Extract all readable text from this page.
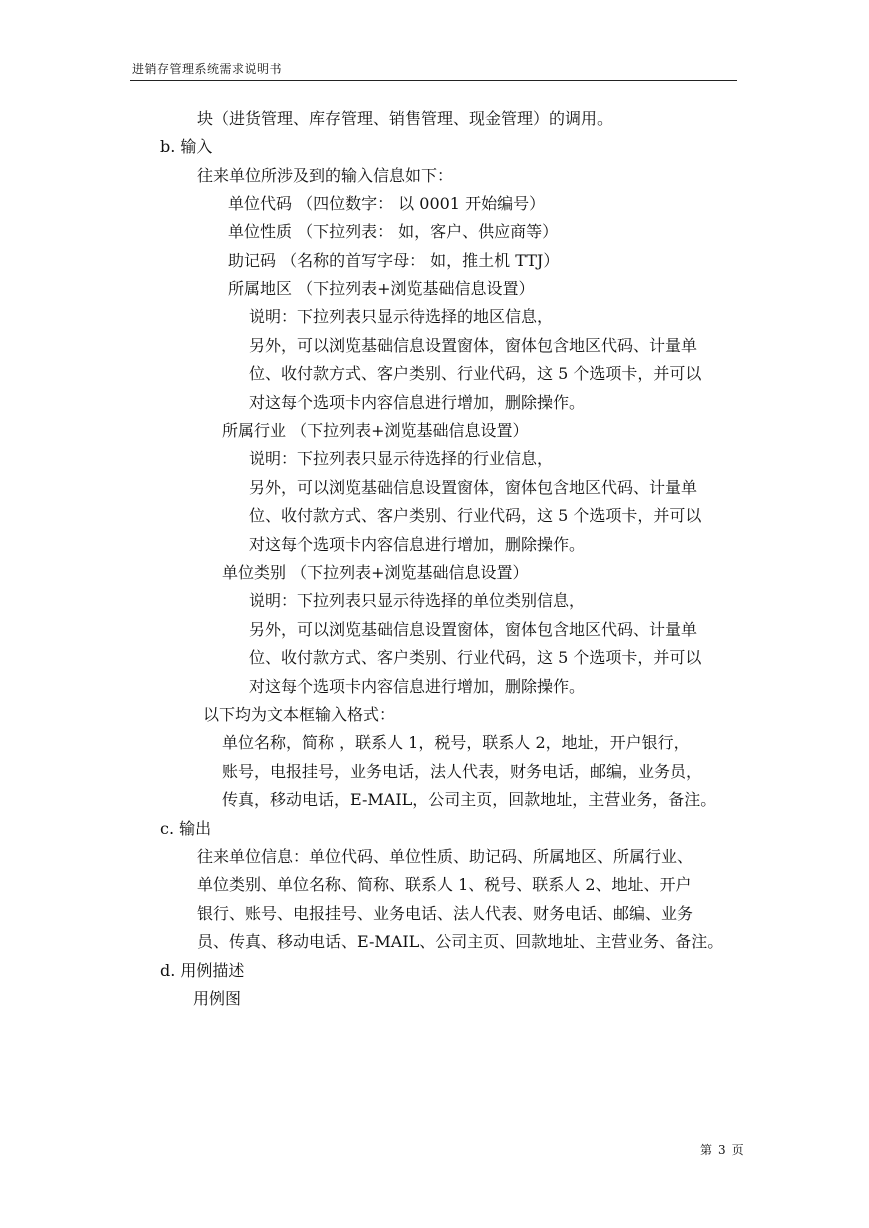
进销存管理系统需求说明书
块（进货管理、库存管理、销售管理、现金管理）的调用。
b. 输入
往来单位所涉及到的输入信息如下：
单位代码 （四位数字： 以 0001 开始编号）
单位性质 （下拉列表： 如，客户、供应商等）
助记码 （名称的首写字母： 如，推土机 TTJ）
所属地区 （下拉列表+浏览基础信息设置）
说明：下拉列表只显示待选择的地区信息，
另外，可以浏览基础信息设置窗体，窗体包含地区代码、计量单
位、收付款方式、客户类别、行业代码，这 5 个选项卡，并可以
对这每个选项卡内容信息进行增加，删除操作。
所属行业 （下拉列表+浏览基础信息设置）
说明：下拉列表只显示待选择的行业信息，
另外，可以浏览基础信息设置窗体，窗体包含地区代码、计量单
位、收付款方式、客户类别、行业代码，这 5 个选项卡，并可以
对这每个选项卡内容信息进行增加，删除操作。
单位类别 （下拉列表+浏览基础信息设置）
说明：下拉列表只显示待选择的单位类别信息，
另外，可以浏览基础信息设置窗体，窗体包含地区代码、计量单
位、收付款方式、客户类别、行业代码，这 5 个选项卡，并可以
对这每个选项卡内容信息进行增加，删除操作。
以下均为文本框输入格式：
单位名称，简称 ，联系人 1，税号，联系人 2，地址，开户银行，
账号，电报挂号，业务电话，法人代表，财务电话，邮编，业务员，
传真，移动电话，E-MAIL，公司主页，回款地址，主营业务，备注。
c. 输出
往来单位信息：单位代码、单位性质、助记码、所属地区、所属行业、
单位类别、单位名称、简称、联系人 1、税号、联系人 2、地址、开户
银行、账号、电报挂号、业务电话、法人代表、财务电话、邮编、业务
员、传真、移动电话、E-MAIL、公司主页、回款地址、主营业务、备注。
d. 用例描述
用例图
第 3 页
